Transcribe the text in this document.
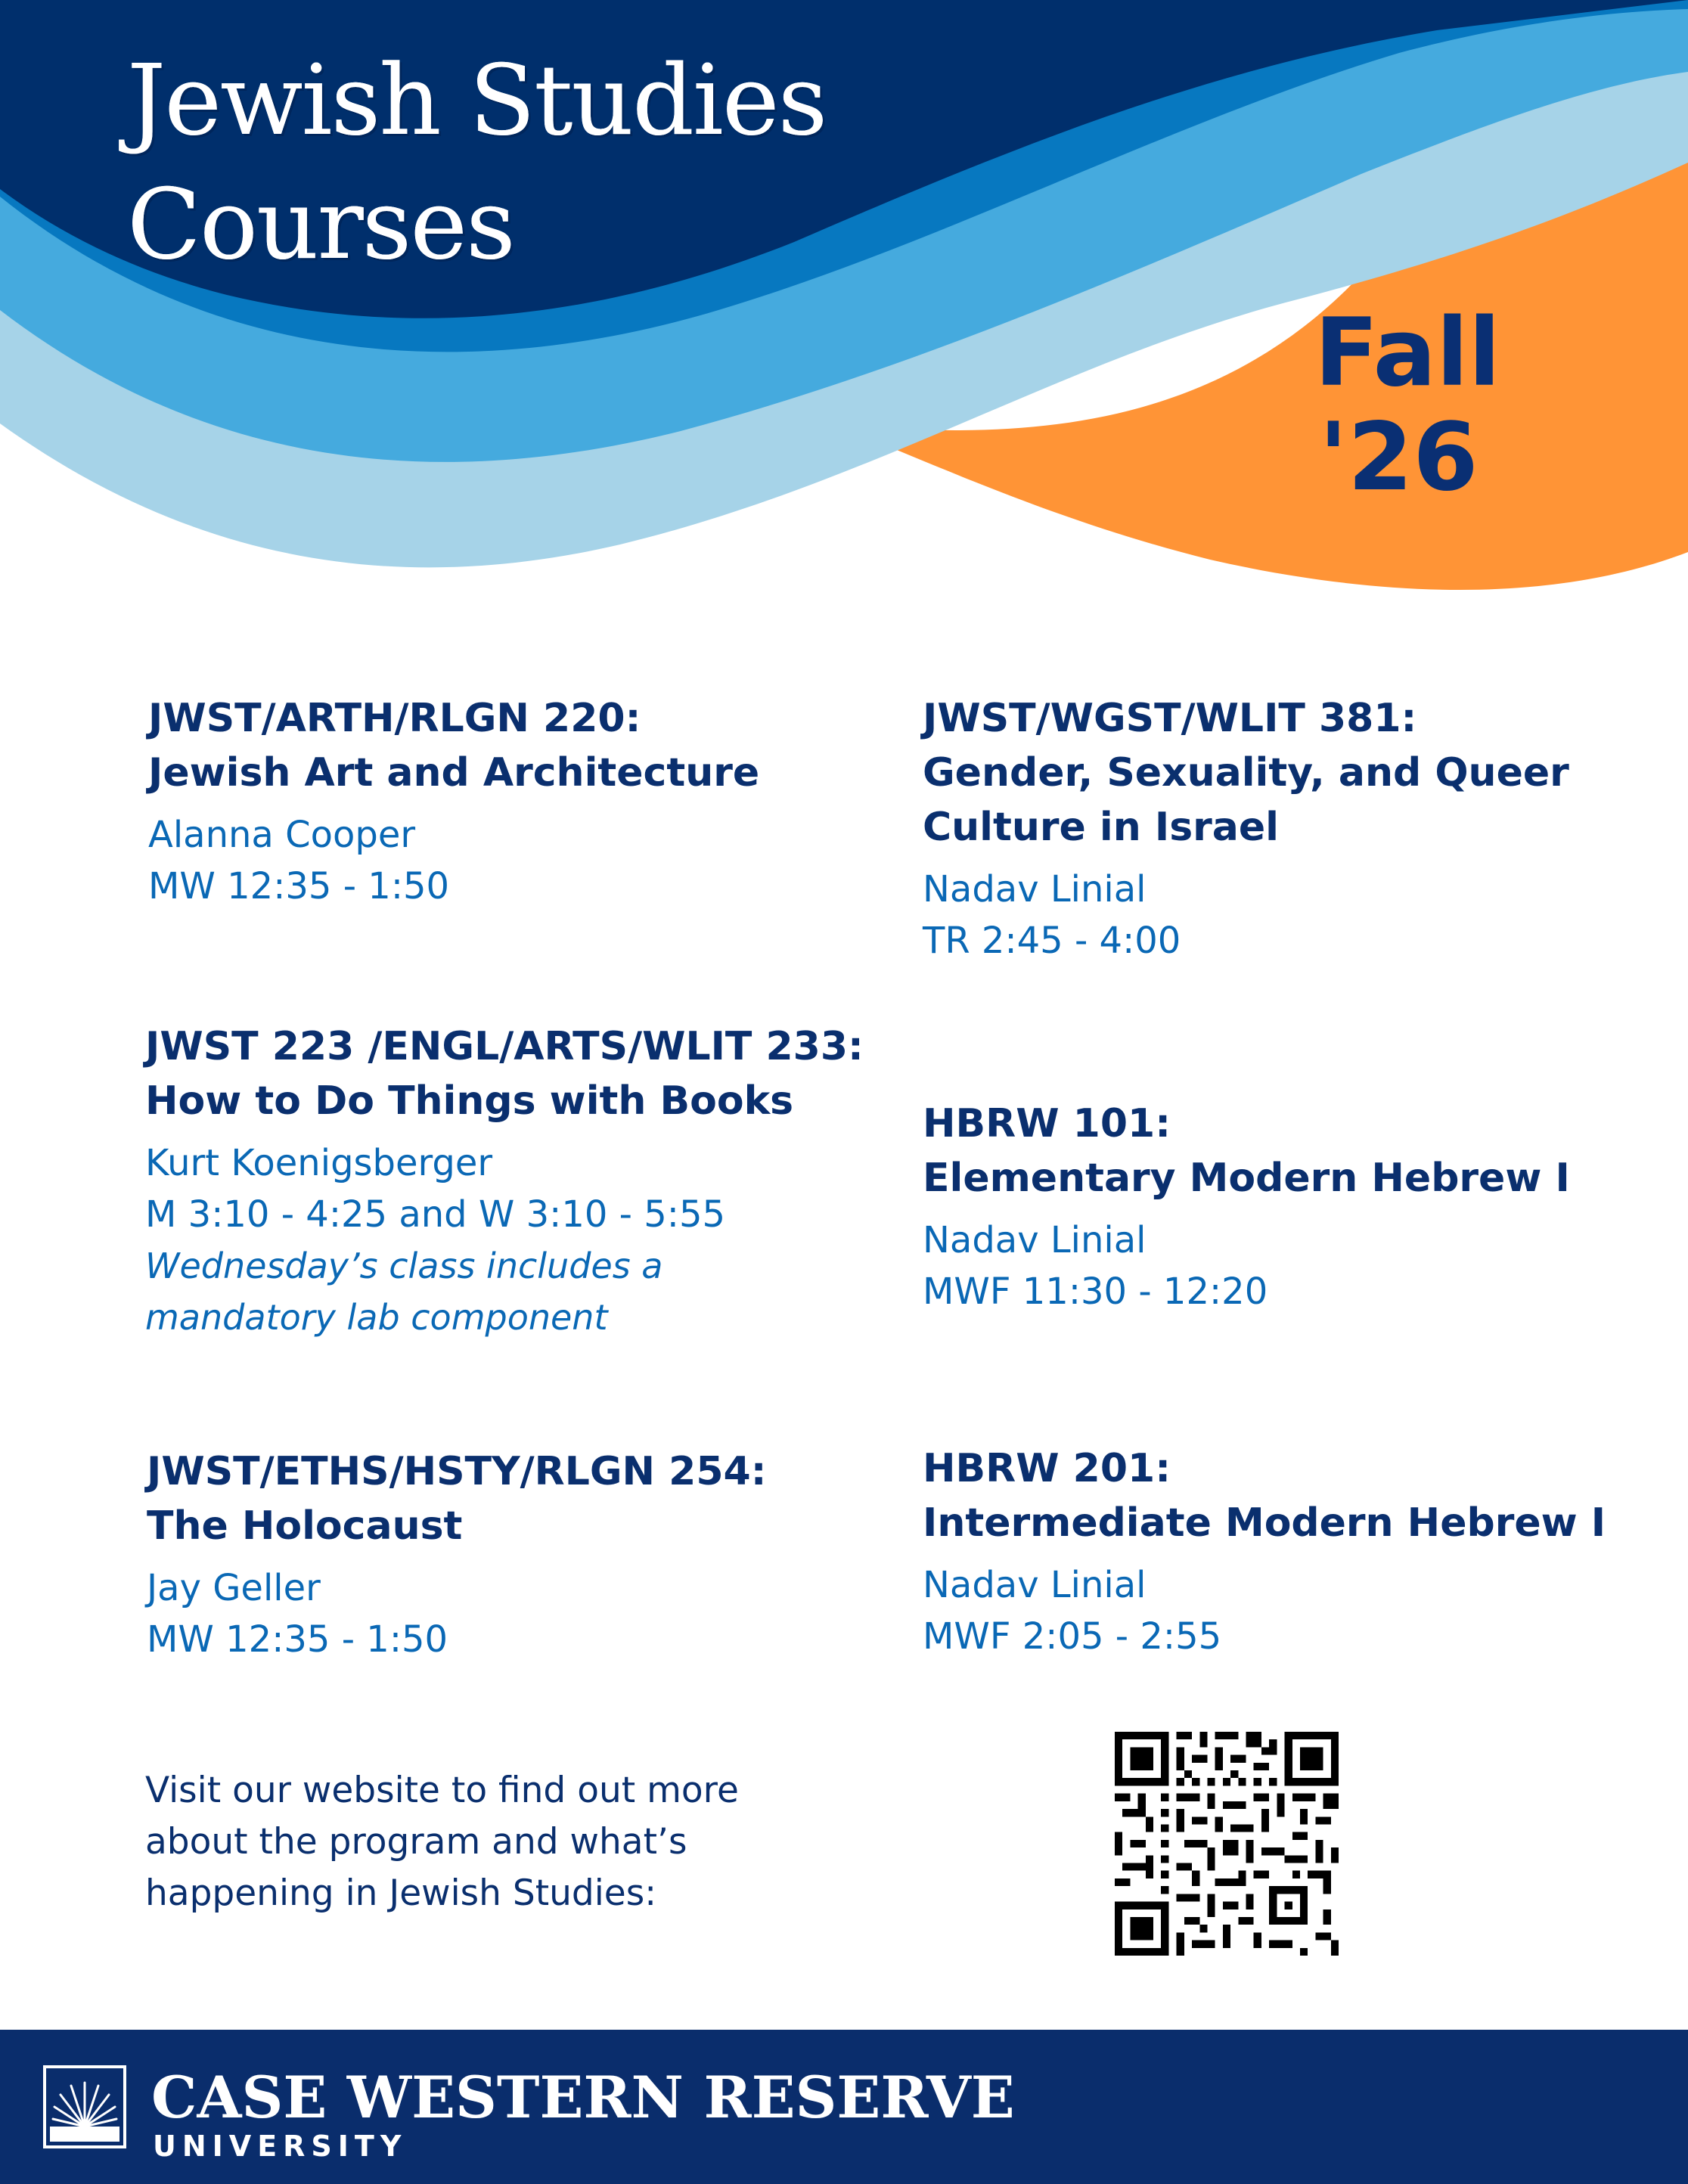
Jewish Studies
Courses
Fall
'26
JWST/ARTH/RLGN 220:
Jewish Art and Architecture
Alanna Cooper
MW 12:35 - 1:50
JWST 223 /ENGL/ARTS/WLIT 233:
How to Do Things with Books
Kurt Koenigsberger
M 3:10 - 4:25 and W 3:10 - 5:55
Wednesday’s class includes a
mandatory lab component
JWST/ETHS/HSTY/RLGN 254:
The Holocaust
Jay Geller
MW 12:35 - 1:50
JWST/WGST/WLIT 381:
Gender, Sexuality, and Queer
Culture in Israel
Nadav Linial
TR 2:45 - 4:00
HBRW 101:
Elementary Modern Hebrew I
Nadav Linial
MWF 11:30 - 12:20
HBRW 201:
Intermediate Modern Hebrew I
Nadav Linial
MWF 2:05 - 2:55
Visit our website to find out more
about the program and what’s
happening in Jewish Studies:
CASE WESTERN RESERVE
UNIVERSITY
